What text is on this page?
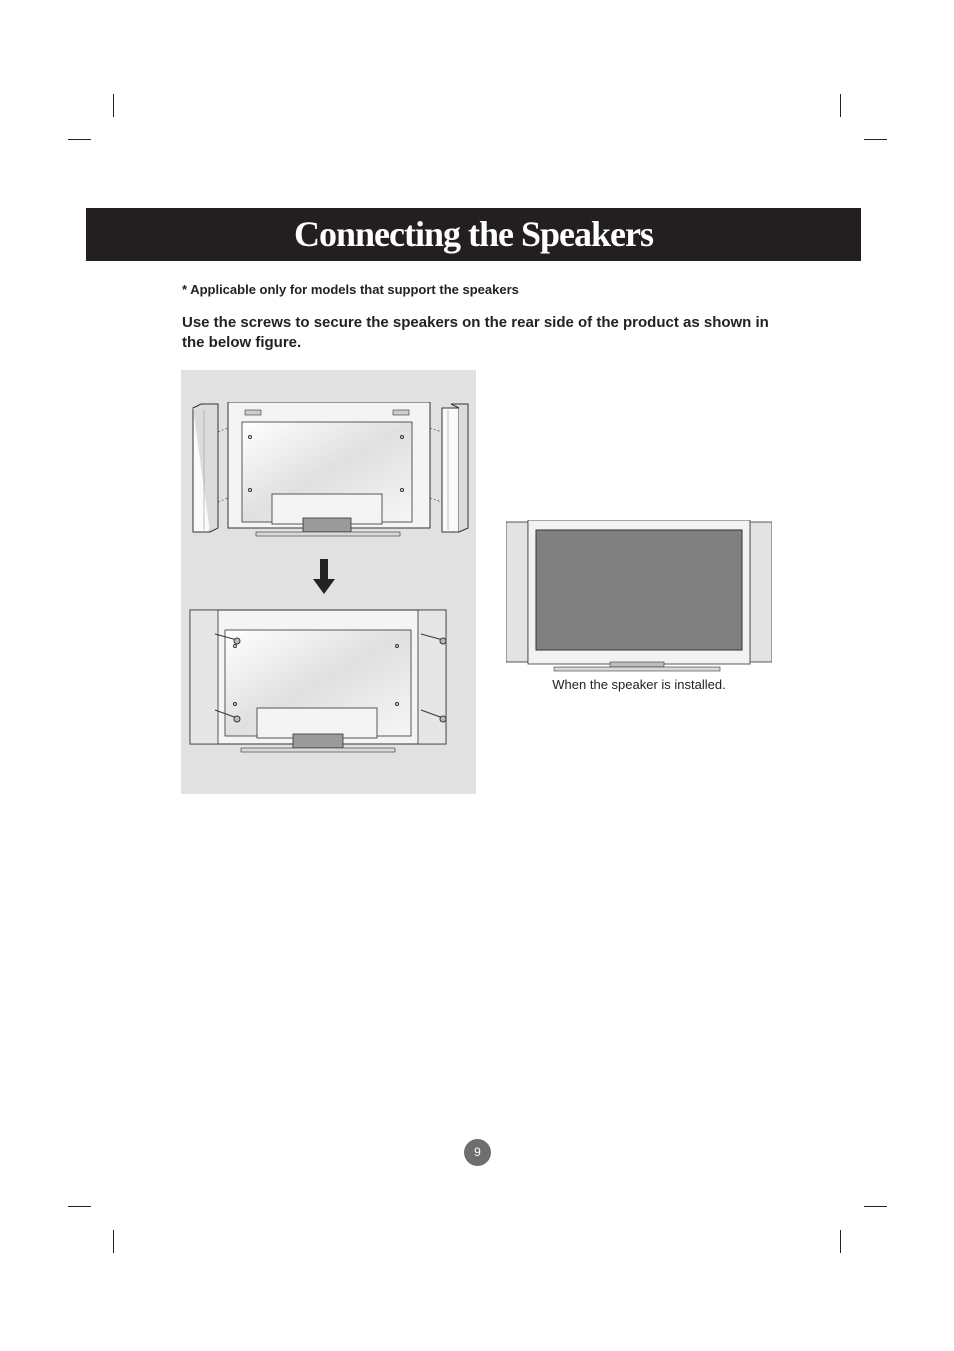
Connecting the Speakers
* Applicable only for models that support the speakers
Use the screws to secure the speakers on the rear side of the product as shown in the below figure.
When the speaker is installed.
9
